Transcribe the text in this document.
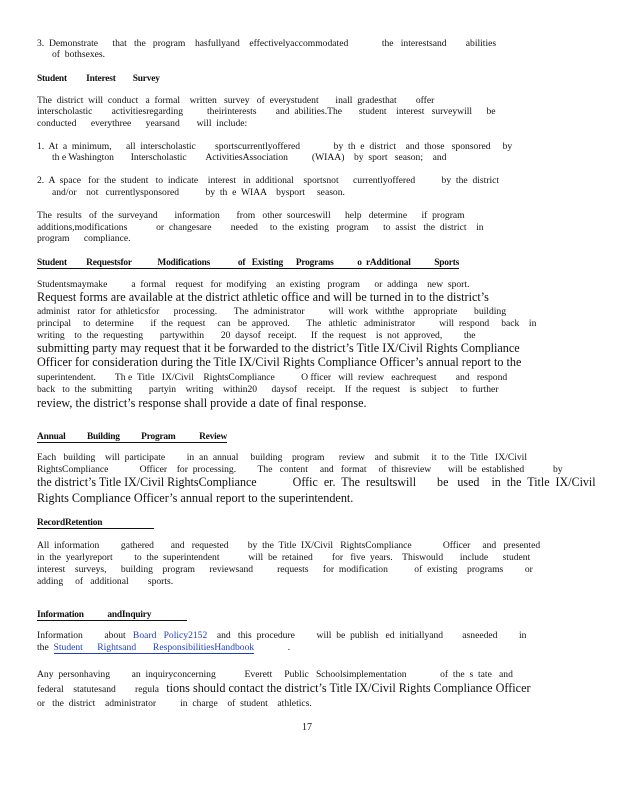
3.  Demonstrate      that   the   program    hasfullyand    effectivelyaccommodated              the   interestsand        abilities
of  bothsexes.
Student         Interest        Survey
The  district  will  conduct   a  formal    written   survey   of  everystudent       inall  gradesthat        offer
interscholastic        activitiesregarding          theirinterests        and  abilities.The       student    interest   surveywill      be
conducted      everythree      yearsand       will  include:
1.  At  a  minimum,      all  interscholastic        sportscurrentlyoffered              by  th  e  district    and  those   sponsored     by
th e Washington       Interscholastic        ActivitiesAssociation          (WIAA)    by  sport   season;    and
2.  A  space   for  the  student   to  indicate    interest   in  additional    sportsnot      currentlyoffered           by  the  district
and/or    not   currentlysponsored           by  th  e  WIAA    bysport     season.
The  results   of  the  surveyand       information       from   other  sourceswill      help   determine      if  program
additions,modifications            or  changesare        needed     to  the  existing   program      to  assist   the  district    in
program      compliance.
Student         Requestsfor            Modifications             of   Existing      Programs           o  rAdditional           Sports
Studentsmaymake          a  formal    request   for  modifying    an  existing   program      or  addinga    new  sport.
Request forms are available at the district athletic office and will be turned in to the district’s
administ   rator  for  athleticsfor      processing.       The  administrator          will  work   withthe    appropriate       building
principal     to  determine       if  the  request     can   be  approved.       The   athletic   administrator          will  respond     back    in
writing    to  the  requesting       partywithin       20  daysof   receipt.      If  the  request    is  not  approved,         the
submitting party may request that it be forwarded to the district’s Title IX/Civil Rights Compliance
Officer for consideration during the Title IX/Civil Rights Compliance Officer’s annual report to the
superintendent.        Th e  Title   IX/Civil    RightsCompliance           O fficer   will  review   eachrequest        and   respond
back   to  the  submitting       partyin    writing    within20      daysof    receipt.    If  the  request    is  subject     to  further
review, the district’s response shall provide a date of final response.
Annual          Building          Program           Review
Each   building    will  participate         in  an  annual     building    program      review    and  submit     it  to  the  Title   IX/Civil
RightsCompliance             Officer    for  processing.         The   content     and   format     of  thisreview       will  be  established            by
the district’s Title IX/Civil RightsCompliance            Offic  er.  The  resultswill       be   used    in  the  Title  IX/Civil
Rights Compliance Officer’s annual report to the superintendent.
RecordRetention
All  information         gathered       and   requested        by  the  Title  IX/Civil   RightsCompliance             Officer     and   presented
in  the  yearlyreport         to  the  superintendent            will  be  retained        for   five  years.    Thiswould       include      student
interest    surveys,      building    program      reviewsand          requests      for  modification           of  existing    programs         or
adding     of   additional        sports.
Information           andInquiry
Information         about   Board   Policy2152    and   this  procedure         will  be  publish   ed  initiallyand        asneeded         in
the  Student      Rightsand       ResponsibilitiesHandbook              .
Any  personhaving         an  inquiryconcerning            Everett     Public   Schoolsimplementation              of  the  s  tate   and
federal    statutesand        regula   tions should contact the district’s Title IX/Civil Rights Compliance Officer
or   the  district    administrator          in  charge    of  student    athletics.
17
